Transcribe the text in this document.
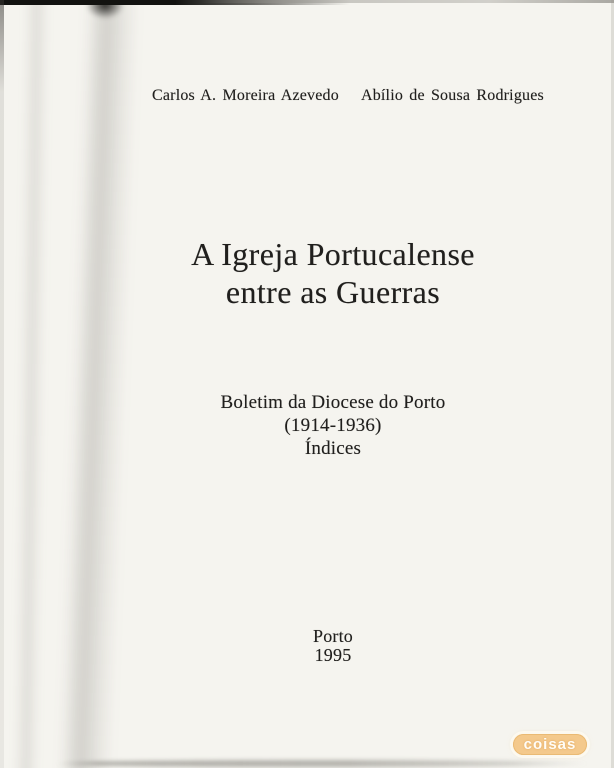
Carlos A. Moreira Azevedo Abílio de Sousa Rodrigues
A Igreja Portucalense
entre as Guerras
Boletim da Diocese do Porto
(1914-1936)
Índices
Porto
1995
coisas
